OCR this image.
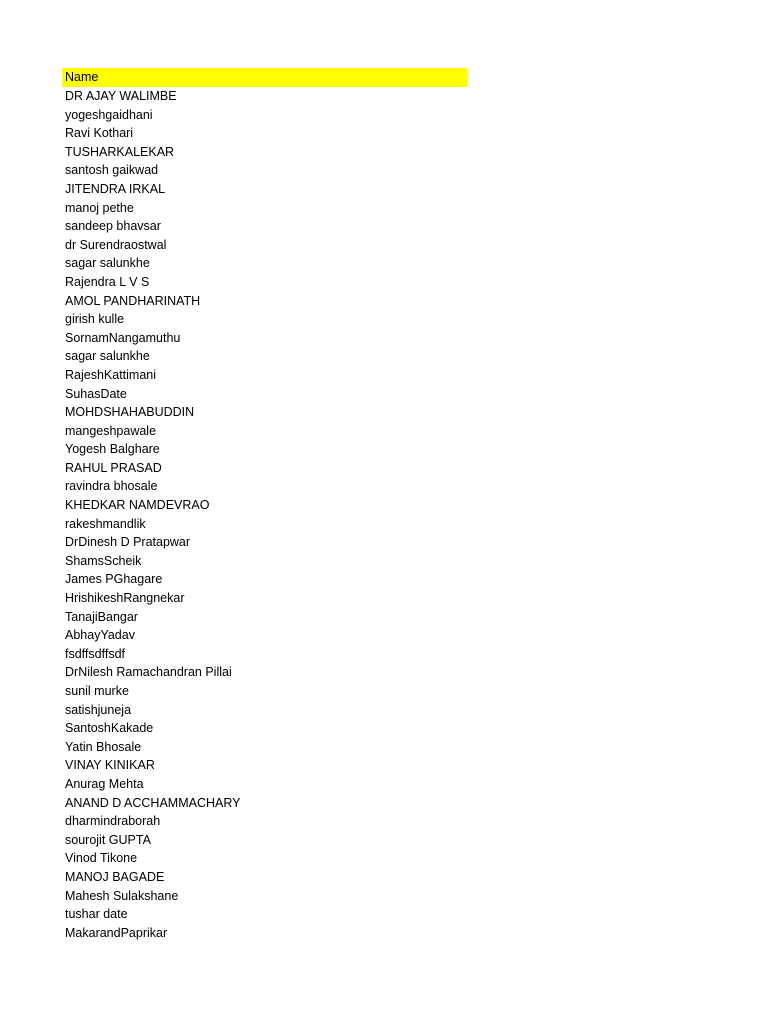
Name
DR AJAY WALIMBE
yogeshgaidhani
Ravi Kothari
TUSHARKALEKAR
santosh gaikwad
JITENDRA IRKAL
manoj pethe
sandeep bhavsar
dr Surendraostwal
sagar salunkhe
Rajendra L V S
AMOL PANDHARINATH
girish kulle
SornamNangamuthu
sagar salunkhe
RajeshKattimani
SuhasDate
MOHDSHAHABUDDIN
mangeshpawale
Yogesh Balghare
RAHUL PRASAD
ravindra bhosale
KHEDKAR NAMDEVRAO
rakeshmandlik
DrDinesh D Pratapwar
ShamsScheik
James PGhagare
HrishikeshRangnekar
TanajiBangar
AbhayYadav
fsdffsdffsdf
DrNilesh Ramachandran Pillai
sunil murke
satishjuneja
SantoshKakade
Yatin Bhosale
VINAY KINIKAR
Anurag Mehta
ANAND D ACCHAMMACHARY
dharmindraborah
sourojit GUPTA
Vinod Tikone
MANOJ BAGADE
Mahesh Sulakshane
tushar date
MakarandPaprikar
